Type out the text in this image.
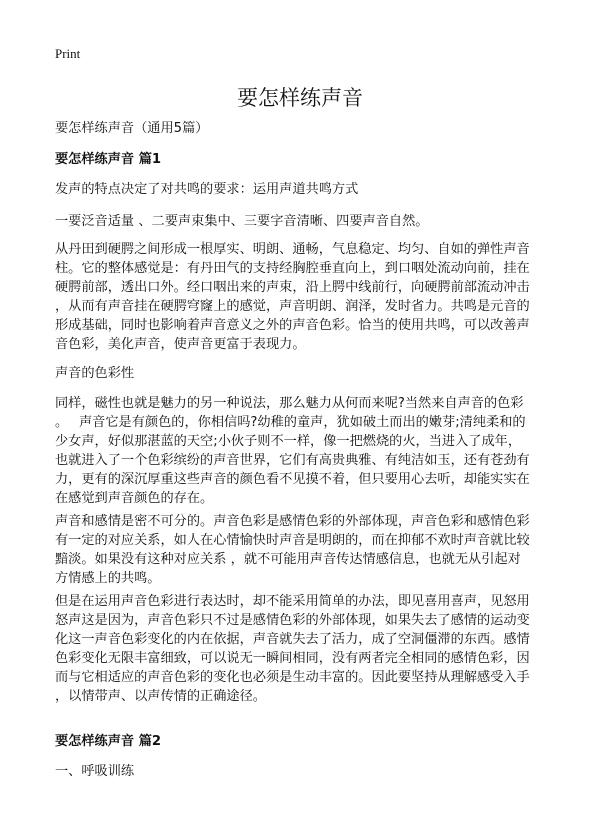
Print
要怎样练声音
要怎样练声音（通用5篇）
要怎样练声音 篇1
发声的特点决定了对共鸣的要求：运用声道共鸣方式
一要泛音适量 、二要声束集中、三要字音清晰、四要声音自然。
从丹田到硬腭之间形成一根厚实、明朗、通畅，气息稳定、均匀、自如的弹性声音
柱。它的整体感觉是：有丹田气的支持经胸腔垂直向上，到口咽处流动向前，挂在
硬腭前部，透出口外。经口咽出来的声束，沿上腭中线前行，向硬腭前部流动冲击
，从而有声音挂在硬腭穹窿上的感觉，声音明朗、润泽，发时省力。共鸣是元音的
形成基础，同时也影响着声音意义之外的声音色彩。恰当的使用共鸣，可以改善声
音色彩，美化声音，使声音更富于表现力。
声音的色彩性
同样，磁性也就是魅力的另一种说法，那么魅力从何而来呢?当然来自声音的色彩
。　 声音它是有颜色的，你相信吗?幼稚的童声，犹如破土而出的嫩芽;清纯柔和的
少女声，好似那湛蓝的天空;小伙子则不一样，像一把燃烧的火，当进入了成年，
也就进入了一个色彩缤纷的声音世界，它们有高贵典雅、有纯洁如玉，还有苍劲有
力，更有的深沉厚重这些声音的颜色看不见摸不着，但只要用心去听，却能实实在
在感觉到声音颜色的存在。
声音和感情是密不可分的。声音色彩是感情色彩的外部体现，声音色彩和感情色彩
有一定的对应关系，如人在心情愉快时声音是明朗的，而在抑郁不欢时声音就比较
黯淡。如果没有这种对应关系 ，就不可能用声音传达情感信息，也就无从引起对
方情感上的共鸣。
但是在运用声音色彩进行表达时，却不能采用简单的办法，即见喜用喜声，见怒用
怒声这是因为，声音色彩只不过是感情色彩的外部体现，如果失去了感情的运动变
化这一声音色彩变化的内在依据，声音就失去了活力，成了空洞僵滞的东西。感情
色彩变化无限丰富细致，可以说无一瞬间相同，没有两者完全相同的感情色彩，因
而与它相适应的声音色彩的变化也必须是生动丰富的。因此要坚持从理解感受入手
，以情带声、以声传情的正确途径。
要怎样练声音 篇2
一、呼吸训练
